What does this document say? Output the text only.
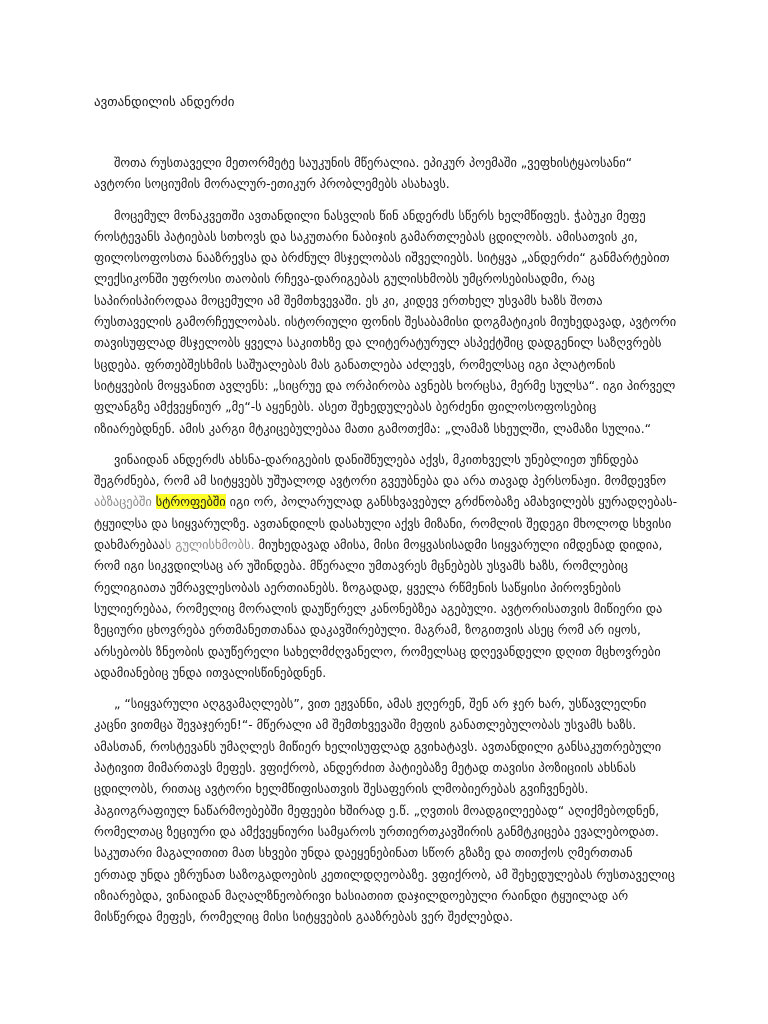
ავთანდილის ანდერძი

შოთა რუსთაველი მეთორმეტე საუკუნის მწერალია. ეპიკურ პოემაში „ვეფხისტყაოსანი“ ავტორი სოციუმის მორალურ-ეთიკურ პრობლემებს ასახავს.

მოცემულ მონაკვეთში ავთანდილი ნასვლის წინ ანდერძს სწერს ხელმწიფეს. ჭაბუკი მეფე როსტევანს პატიებას სთხოვს და საკუთარი ნაბიჯის გამართლებას ცდილობს. ამისათვის კი, ფილოსოფოსთა ნააზრევსა და ბრძნულ მსჯელობას იშველიებს. სიტყვა „ანდერძი“ განმარტებით ლექსიკონში უფროსი თაობის რჩევა-დარიგებას გულისხმობს უმცროსებისადმი, რაც საპირისპიროდაა მოცემული ამ შემთხვევაში. ეს კი, კიდევ ერთხელ უსვამს ხაზს შოთა რუსთაველის გამორჩეულობას. ისტორიული ფონის შესაბამისი დოგმატიკის მიუხედავად, ავტორი თავისუფლად მსჯელობს ყველა საკითხზე და ლიტერატურულ ასპექტშიც დადგენილ საზღვრებს სცდება. ფრთებშესხმის საშუალებას მას განათლება აძლევს, რომელსაც იგი პლატონის სიტყვების მოყვანით ავლენს: „სიცრუე და ორპირობა ავნებს ხორცსა, მერმე სულსა“. იგი პირველ ფლანგზე ამქვეყნიურ „მე“-ს აყენებს. ასეთ შეხედულებას ბერძენი ფილოსოფოსებიც იზიარებდნენ. ამის კარგი მტკიცებულებაა მათი გამოთქმა: „ლამაზ სხეულში, ლამაზი სულია.“

ვინაიდან ანდერძს ახსნა-დარიგების დანიშნულება აქვს, მკითხველს უნებლიეთ უჩნდება შეგრძნება, რომ ამ სიტყვებს უშუალოდ ავტორი გვეუბნება და არა თავად პერსონაჟი. მომდევნო აბზაცებში სტროფებში იგი ორ, პოლარულად განსხვავებულ გრძნობაზე ამახვილებს ყურადღებას- ტყუილსა და სიყვარულზე. ავთანდილს დასახული აქვს მიზანი, რომლის შედეგი მხოლოდ სხვისი დახმარებაას გულისხმობს. მიუხედავად ამისა, მისი მოყვასისადმი სიყვარული იმდენად დიდია, რომ იგი სიკვდილსაც არ უშინდება. მწერალი უმთავრეს მცნებებს უსვამს ხაზს, რომლებიც რელიგიათა უმრავლესობას აერთიანებს. ზოგადად, ყველა რწმენის საწყისი პიროვნების სულიერებაა, რომელიც მორალის დაუწერელ კანონებზეა აგებული. ავტორისათვის მიწიერი და ზეციური ცხოვრება ერთმანეთთანაა დაკავშირებული. მაგრამ, ზოგითვის ასეც რომ არ იყოს, არსებობს ზნეობის დაუწერელი სახელმძღვანელო, რომელსაც დღევანდელი დღით მცხოვრები ადამიანებიც უნდა ითვალისწინებდნენ.

„ “სიყვარული აღგვამაღლებს”, ვით ეჟვანნი, ამას ჟღერენ, შენ არ ჯერ ხარ, უსწავლელნი კაცნი ვითმცა შევაჯერენ!“- მწერალი ამ შემთხვევაში მეფის განათლებულობას უსვამს ხაზს. ამასთან, როსტევანს უმაღლეს მიწიერ ხელისუფლად გვიხატავს. ავთანდილი განსაკუთრებული პატივით მიმართავს მეფეს. ვფიქრობ, ანდერძით პატიებაზე მეტად თავისი პოზიციის ახსნას ცდილობს, რითაც ავტორი ხელმწიფისათვის შესაფერის ლმობიერებას გვიჩვენებს. ჰაგიოგრაფიულ ნაწარმოებებში მეფეები ხშირად ე.წ. „ღვთის მოადგილეებად“ აღიქმებოდნენ, რომელთაც ზეციური და ამქვეყნიური სამყაროს ურთიერთკავშირის განმტკიცება ევალებოდათ. საკუთარი მაგალითით მათ სხვები უნდა დაეყენებინათ სწორ გზაზე და თითქოს ღმერთთან ერთად უნდა ეზრუნათ საზოგადოების კეთილდღეობაზე. ვფიქრობ, ამ შეხედულებას რუსთაველიც იზიარებდა, ვინაიდან მაღალზნეობრივი ხასიათით დაჯილდოებული რაინდი ტყუილად არ მისწერდა მეფეს, რომელიც მისი სიტყვების გააზრებას ვერ შეძლებდა.
